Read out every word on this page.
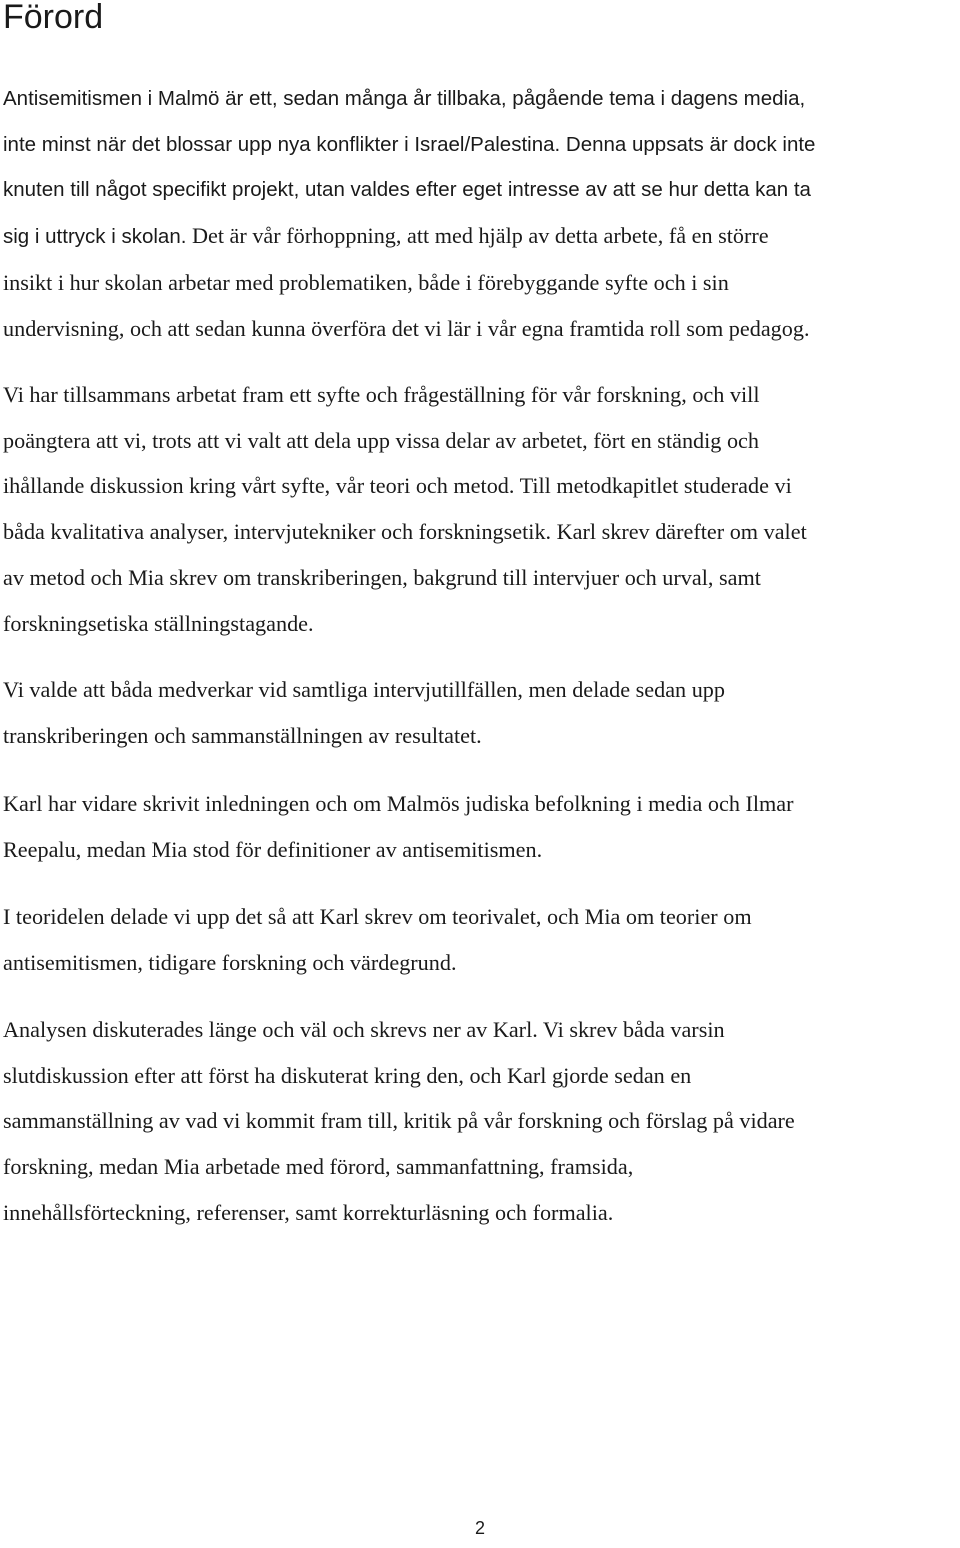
Förord

Antisemitismen i Malmö är ett, sedan många år tillbaka, pågående tema i dagens media,
inte minst när det blossar upp nya konflikter i Israel/Palestina. Denna uppsats är dock inte
knuten till något specifikt projekt, utan valdes efter eget intresse av att se hur detta kan ta
sig i uttryck i skolan. Det är vår förhoppning, att med hjälp av detta arbete, få en större
insikt i hur skolan arbetar med problematiken, både i förebyggande syfte och i sin
undervisning, och att sedan kunna överföra det vi lär i vår egna framtida roll som pedagog.

Vi har tillsammans arbetat fram ett syfte och frågeställning för vår forskning, och vill
poängtera att vi, trots att vi valt att dela upp vissa delar av arbetet, fört en ständig och
ihållande diskussion kring vårt syfte, vår teori och metod. Till metodkapitlet studerade vi
båda kvalitativa analyser, intervjutekniker och forskningsetik. Karl skrev därefter om valet
av metod och Mia skrev om transkriberingen, bakgrund till intervjuer och urval, samt
forskningsetiska ställningstagande.

Vi valde att båda medverkar vid samtliga intervjutillfällen, men delade sedan upp
transkriberingen och sammanställningen av resultatet.

Karl har vidare skrivit inledningen och om Malmös judiska befolkning i media och Ilmar
Reepalu, medan Mia stod för definitioner av antisemitismen.

I teoridelen delade vi upp det så att Karl skrev om teorivalet, och Mia om teorier om
antisemitismen, tidigare forskning och värdegrund.

Analysen diskuterades länge och väl och skrevs ner av Karl. Vi skrev båda varsin
slutdiskussion efter att först ha diskuterat kring den, och Karl gjorde sedan en
sammanställning av vad vi kommit fram till, kritik på vår forskning och förslag på vidare
forskning, medan Mia arbetade med förord, sammanfattning, framsida,
innehållsförteckning, referenser, samt korrekturläsning och formalia.

2
